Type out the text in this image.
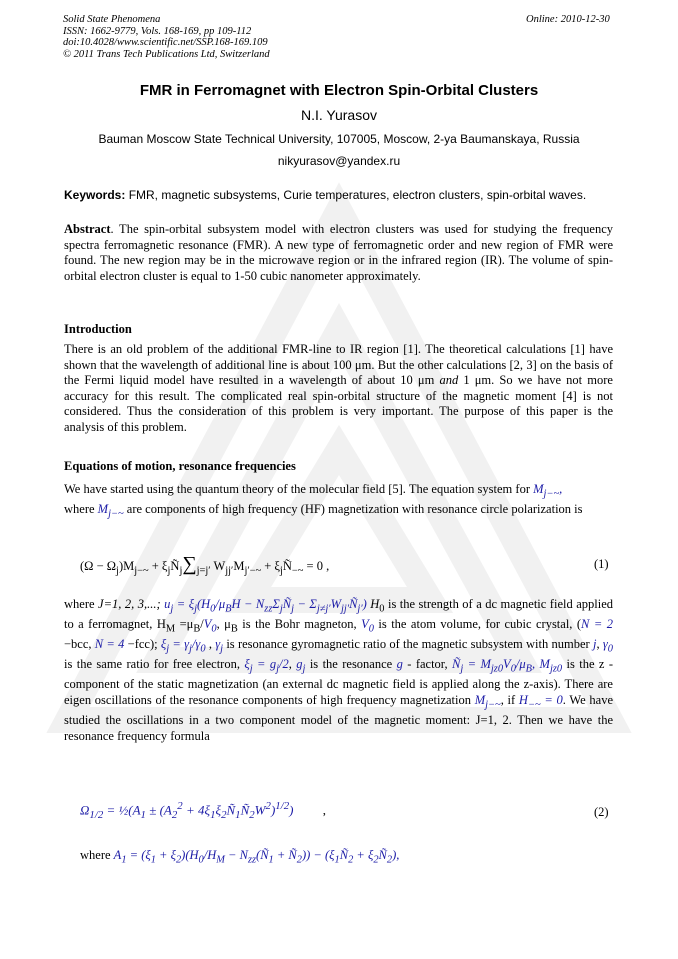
Solid State Phenomena
ISSN: 1662-9779, Vols. 168-169, pp 109-112
doi:10.4028/www.scientific.net/SSP.168-169.109
© 2011 Trans Tech Publications Ltd, Switzerland
Online: 2010-12-30
FMR in Ferromagnet with Electron Spin-Orbital Clusters
N.I. Yurasov
Bauman Moscow State Technical University, 107005, Moscow, 2-ya Baumanskaya, Russia
nikyurasov@yandex.ru
Keywords: FMR, magnetic subsystems, Curie temperatures, electron clusters, spin-orbital waves.
Abstract. The spin-orbital subsystem model with electron clusters was used for studying the frequency spectra ferromagnetic resonance (FMR). A new type of ferromagnetic order and new region of FMR were found. The new region may be in the microwave region or in the infrared region (IR). The volume of spin-orbital electron cluster is equal to 1-50 cubic nanometer approximately.
Introduction
There is an old problem of the additional FMR-line to IR region [1]. The theoretical calculations [1] have shown that the wavelength of additional line is about 100 μm. But the other calculations [2, 3] on the basis of the Fermi liquid model have resulted in a wavelength of about 10 μm and 1 μm. So we have not more accuracy for this result. The complicated real spin-orbital structure of the magnetic moment [4] is not considered. Thus the consideration of this problem is very important. The purpose of this paper is the analysis of this problem.
Equations of motion, resonance frequencies
We have started using the quantum theory of the molecular field [5]. The equation system for $M_{j-\sim}$,
where $M_{j-\sim}$ are components of high frequency (HF) magnetization with resonance circle polarization is
$(\Omega - \Omega_j)M_{j-\sim}$ + $\xi_jÑ_j\sum_{j=j'}$ $W_{jj'}M_{j'-\sim}$ + $\xi_jÑ_{-\sim} = 0$ ,	(1)
where J=1, 2, 3,...; $u_j = \xi_j(H_0/\mu_BH$ − $N_{zz}\Sigma_jÑ_j$ − $\Sigma_{j\ne j'}W_{jj'}Ñ_{j'}$) $H_0$ is the strength of a dc magnetic field applied to a ferromagnet, $H_M =\mu_B/V_0$, $\mu_B$ is the Bohr magneton, $V_0$ is the atom volume, for cubic crystal, (N = 2 −bcc, N = 4 −fcc); $\xi_j = \gamma_j/\gamma_0$ , $\gamma_j$ is resonance gyromagnetic ratio of the magnetic subsystem with number j, $\gamma_0$ is the same ratio for free electron, $\xi_j = g_j/2$, $g_j$ is the resonance g - factor, $Ñ_j = M_{jz0}V_0/\mu_B$, $M_{jz0}$ is the z - component of the static magnetization (an external dc magnetic field is applied along the z-axis). There are eigen oscillations of the resonance components of high frequency magnetization $M_{j-\sim}$, if $H_{-\sim} = 0$. We have studied the oscillations in a two component model of the magnetic moment: J=1, 2. Then we have the resonance frequency formula
$\Omega_{1/2}$ = $\frac{1}{2}(A_1 \pm (A_2^2$ + $4\xi_1\xi_2Ñ_1Ñ_2W^2)^{1/2}$)         ,	(2)
where $A_1 = (\xi_1 + \xi_2)(H_0/H_M$ − $N_{zz}(Ñ_1$ + $Ñ_2$)) − ($\xi_1Ñ_2$ + $\xi_2Ñ_2$),
